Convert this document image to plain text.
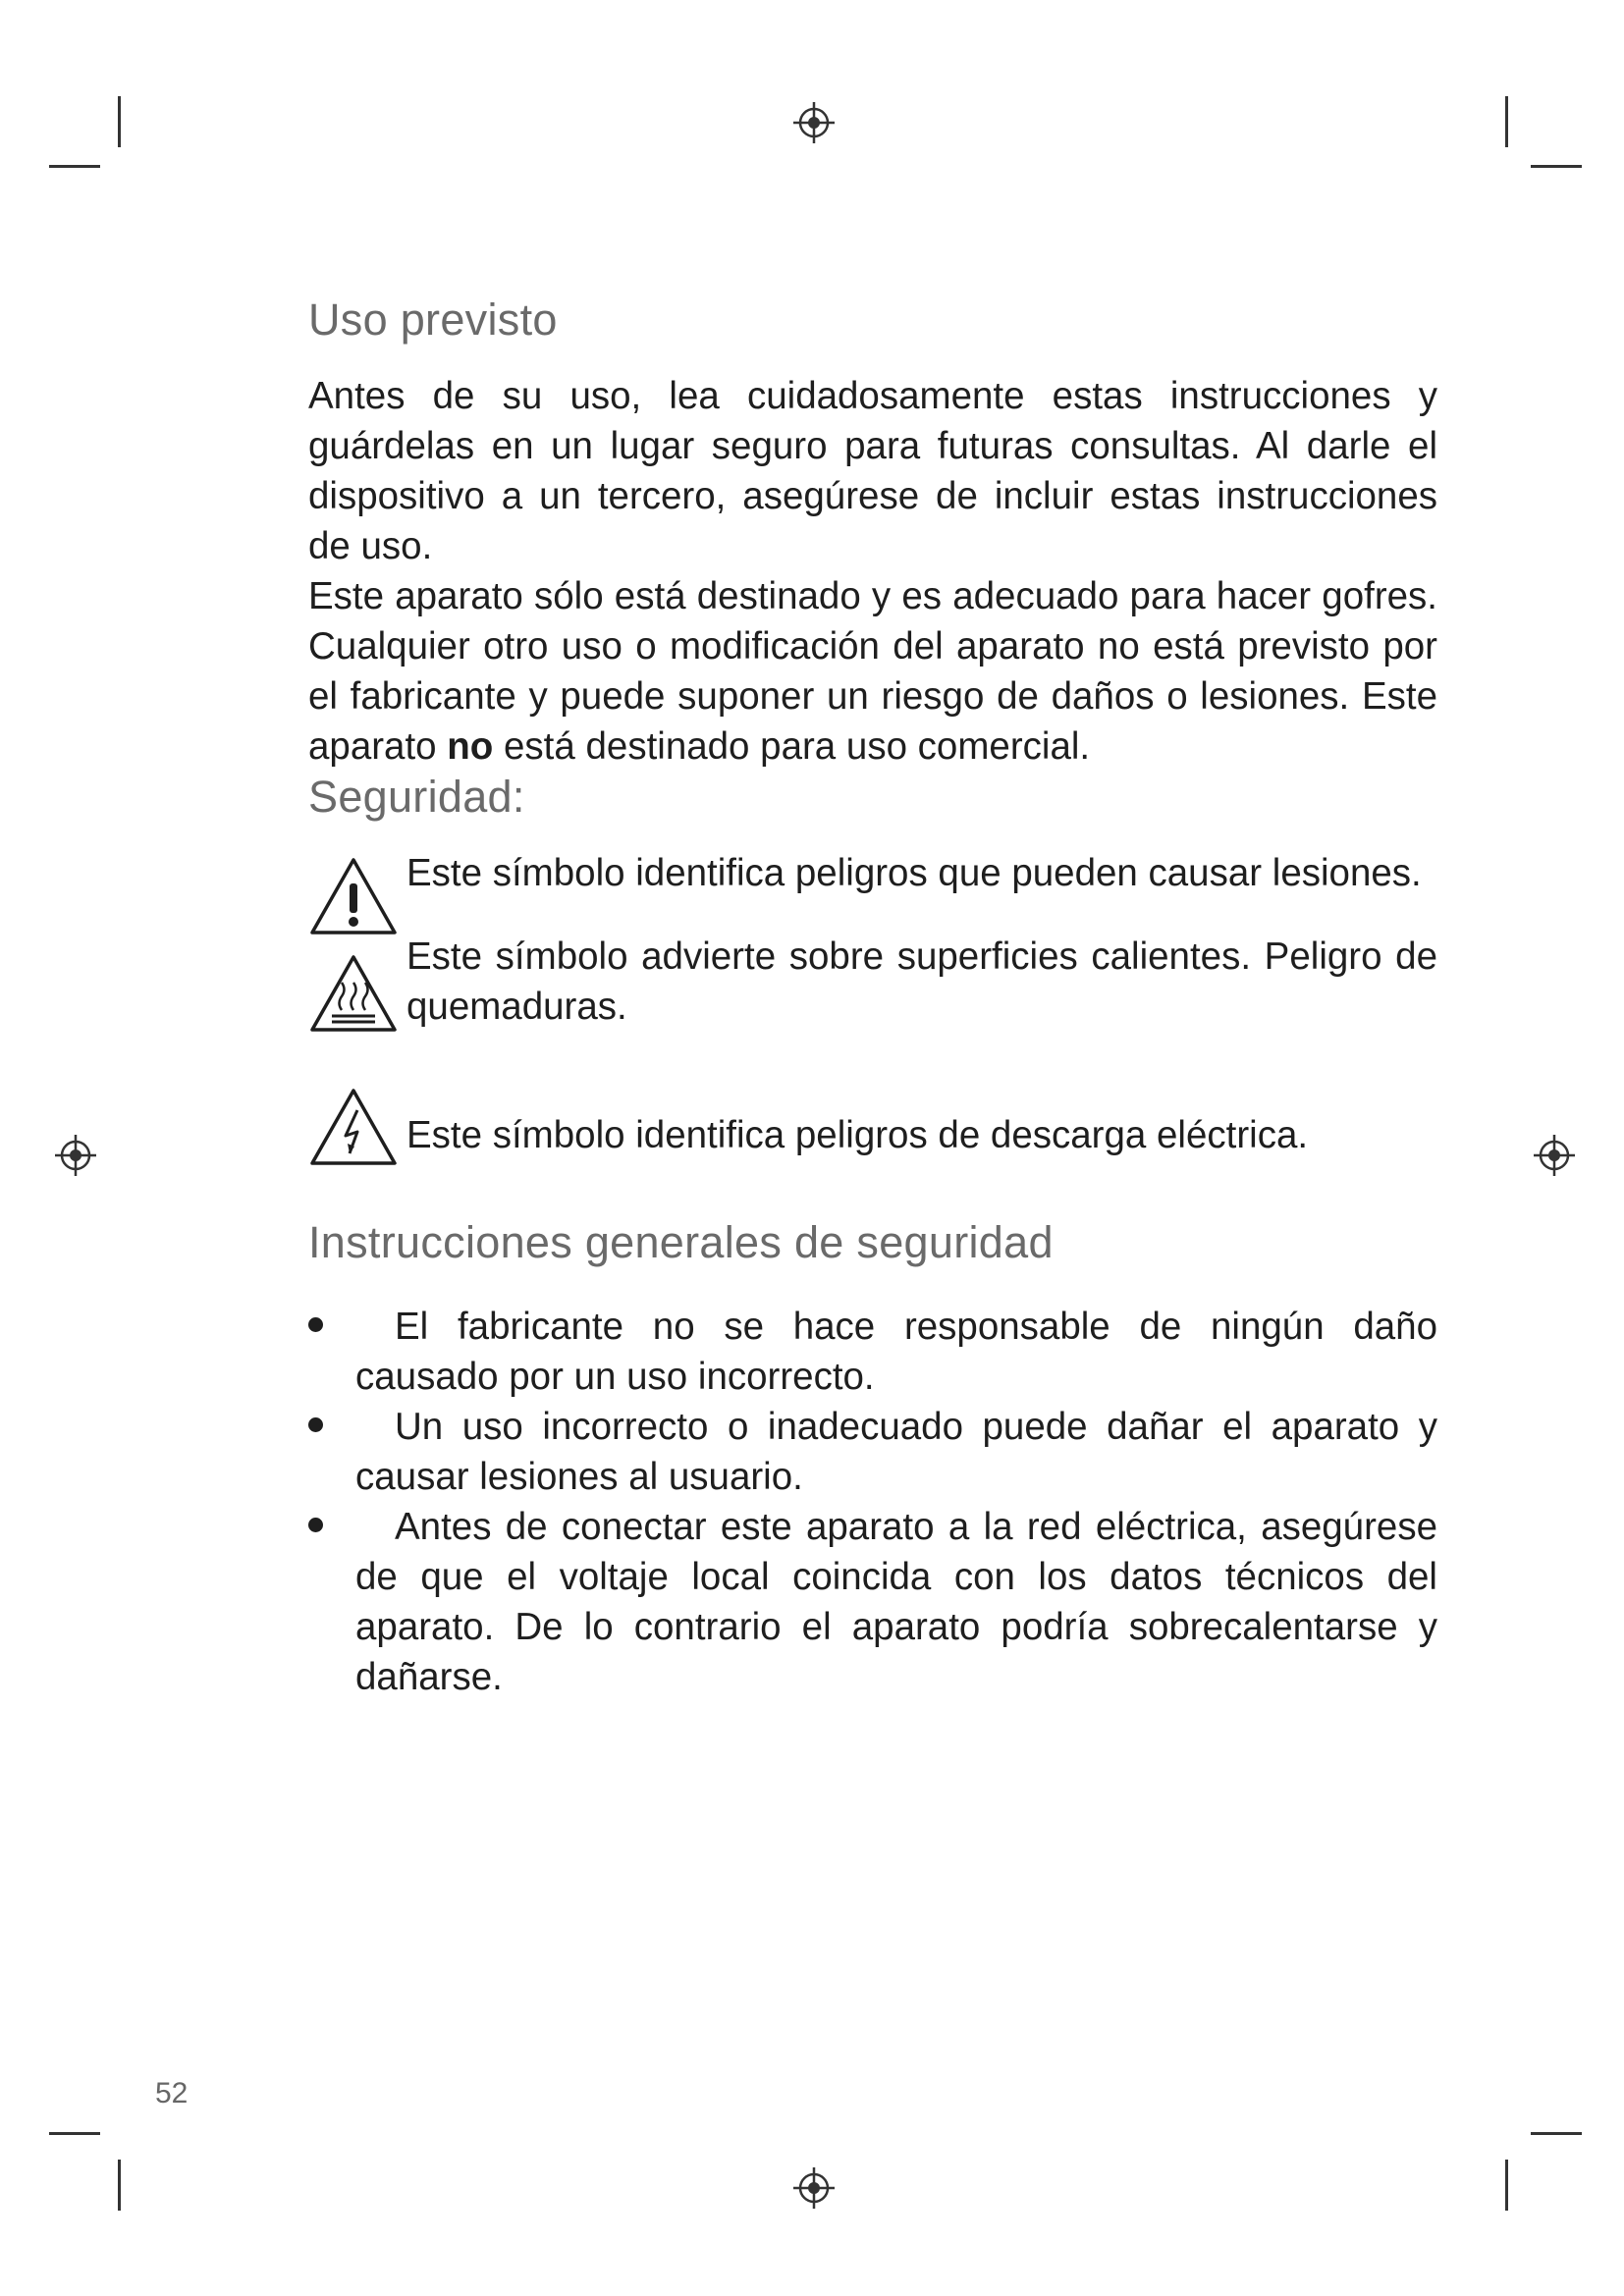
Uso previsto

Antes de su uso, lea cuidadosamente estas instrucciones y guárdelas en un lugar seguro para futuras consultas. Al darle el dispositivo a un tercero, asegúrese de incluir estas instrucciones de uso.

Este aparato sólo está destinado y es adecuado para hacer gofres. Cualquier otro uso o modificación del aparato no está previsto por el fabricante y puede suponer un riesgo de daños o lesiones. Este aparato no está destinado para uso comercial.

Seguridad:
Este símbolo identifica peligros que pueden causar lesiones.
Este símbolo advierte sobre superficies calientes. Peligro de quemaduras.
Este símbolo identifica peligros de descarga eléctrica.
Instrucciones generales de seguridad
El fabricante no se hace responsable de ningún daño causado por un uso incorrecto.
Un uso incorrecto o inadecuado puede dañar el aparato y causar lesiones al usuario.
Antes de conectar este aparato a la red eléctrica, asegúrese de que el voltaje local coincida con los datos técnicos del aparato. De lo contrario el aparato podría sobrecalentarse y dañarse.
52
